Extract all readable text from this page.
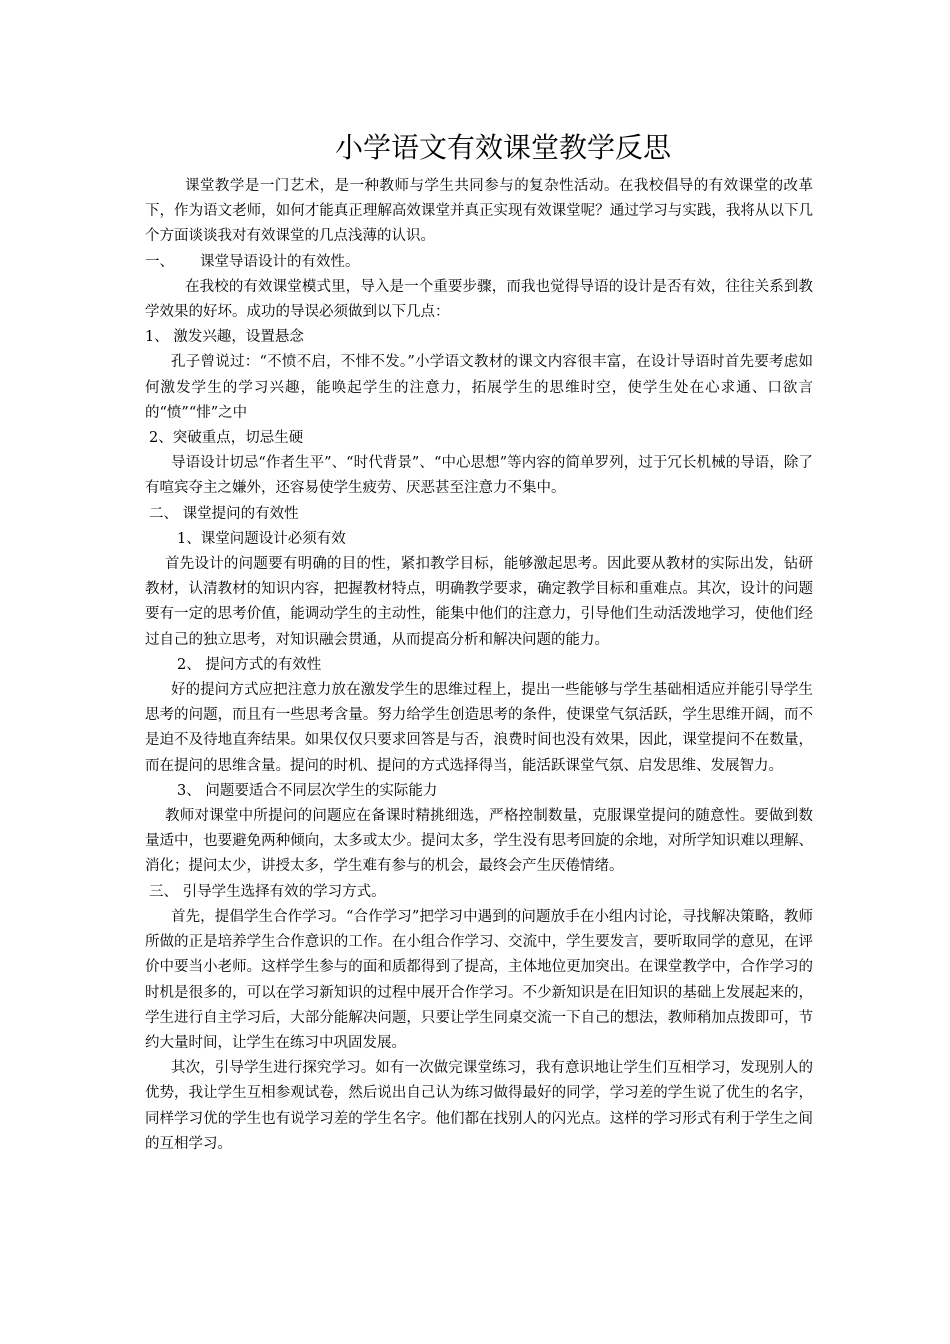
小学语文有效课堂教学反思

课堂教学是一门艺术，是一种教师与学生共同参与的复杂性活动。在我校倡导的有效课堂的改革下，作为语文老师，如何才能真正理解高效课堂并真正实现有效课堂呢？通过学习与实践，我将从以下几个方面谈谈我对有效课堂的几点浅薄的认识。

一、 课堂导语设计的有效性。

在我校的有效课堂模式里，导入是一个重要步骤，而我也觉得导语的设计是否有效，往往关系到教学效果的好坏。成功的导误必须做到以下几点：

1、 激发兴趣，设置悬念

孔子曾说过：“不愤不启，不悱不发。”小学语文教材的课文内容很丰富，在设计导语时首先要考虑如何激发学生的学习兴趣，能唤起学生的注意力，拓展学生的思维时空，使学生处在心求通、口欲言的“愤”“悱”之中

2、突破重点，切忌生硬

导语设计切忌“作者生平”、“时代背景”、“中心思想”等内容的简单罗列，过于冗长机械的导语，除了有喧宾夺主之嫌外，还容易使学生疲劳、厌恶甚至注意力不集中。

二、 课堂提问的有效性
1、课堂问题设计必须有效

首先设计的问题要有明确的目的性，紧扣教学目标，能够激起思考。因此要从教材的实际出发，钻研教材，认清教材的知识内容，把握教材特点，明确教学要求，确定教学目标和重难点。其次，设计的问题要有一定的思考价值，能调动学生的主动性，能集中他们的注意力，引导他们生动活泼地学习，使他们经过自己的独立思考，对知识融会贯通，从而提高分析和解决问题的能力。

2、 提问方式的有效性

好的提问方式应把注意力放在激发学生的思维过程上，提出一些能够与学生基础相适应并能引导学生思考的问题，而且有一些思考含量。努力给学生创造思考的条件，使课堂气氛活跃，学生思维开阔，而不是迫不及待地直奔结果。如果仅仅只要求回答是与否，浪费时间也没有效果，因此，课堂提问不在数量，而在提问的思维含量。提问的时机、提问的方式选择得当，能活跃课堂气氛、启发思维、发展智力。

3、 问题要适合不同层次学生的实际能力

教师对课堂中所提问的问题应在备课时精挑细选，严格控制数量，克服课堂提问的随意性。要做到数量适中，也要避免两种倾向，太多或太少。提问太多，学生没有思考回旋的余地，对所学知识难以理解、消化；提问太少，讲授太多，学生难有参与的机会，最终会产生厌倦情绪。

三、 引导学生选择有效的学习方式。

首先，提倡学生合作学习。“合作学习”把学习中遇到的问题放手在小组内讨论，寻找解决策略，教师所做的正是培养学生合作意识的工作。在小组合作学习、交流中，学生要发言，要听取同学的意见，在评价中要当小老师。这样学生参与的面和质都得到了提高，主体地位更加突出。在课堂教学中，合作学习的时机是很多的，可以在学习新知识的过程中展开合作学习。不少新知识是在旧知识的基础上发展起来的，学生进行自主学习后，大部分能解决问题，只要让学生同桌交流一下自己的想法，教师稍加点拨即可，节约大量时间，让学生在练习中巩固发展。

其次，引导学生进行探究学习。如有一次做完课堂练习，我有意识地让学生们互相学习，发现别人的优势，我让学生互相参观试卷，然后说出自己认为练习做得最好的同学，学习差的学生说了优生的名字，同样学习优的学生也有说学习差的学生名字。他们都在找别人的闪光点。这样的学习形式有利于学生之间的互相学习。
